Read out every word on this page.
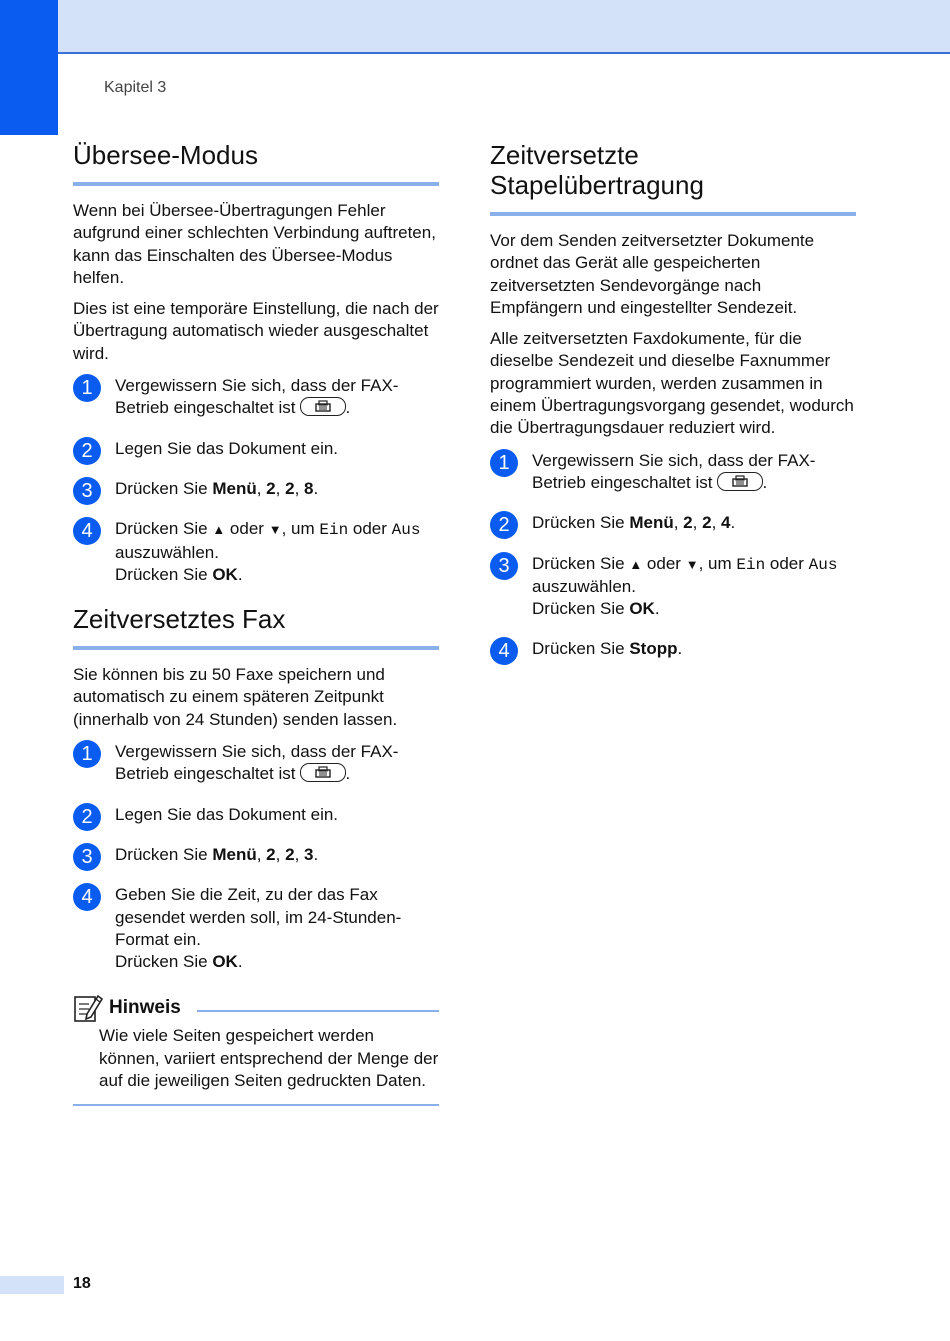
Kapitel 3
Übersee-Modus

Wenn bei Übersee-Übertragungen Fehler aufgrund einer schlechten Verbindung auftreten, kann das Einschalten des Übersee-Modus helfen.

Dies ist eine temporäre Einstellung, die nach der Übertragung automatisch wieder ausgeschaltet wird.

1	Vergewissern Sie sich, dass der FAX-Betrieb eingeschaltet ist	.
2	Legen Sie das Dokument ein.
3	Drücken Sie Menü, 2, 2, 8.
4	Drücken Sie ▲ oder ▼, um Ein oder Aus auszuwählen.
Drücken Sie OK.
Zeitversetztes Fax

Sie können bis zu 50 Faxe speichern und automatisch zu einem späteren Zeitpunkt (innerhalb von 24 Stunden) senden lassen.

1	Vergewissern Sie sich, dass der FAX-Betrieb eingeschaltet ist	.
2	Legen Sie das Dokument ein.
3	Drücken Sie Menü, 2, 2, 3.
4	Geben Sie die Zeit, zu der das Fax gesendet werden soll, im 24-Stunden-Format ein.
Drücken Sie OK.
Hinweis
Wie viele Seiten gespeichert werden können, variiert entsprechend der Menge der auf die jeweiligen Seiten gedruckten Daten.
Zeitversetzte Stapelübertragung

Vor dem Senden zeitversetzter Dokumente ordnet das Gerät alle gespeicherten zeitversetzten Sendevorgänge nach Empfängern und eingestellter Sendezeit.

Alle zeitversetzten Faxdokumente, für die dieselbe Sendezeit und dieselbe Faxnummer programmiert wurden, werden zusammen in einem Übertragungsvorgang gesendet, wodurch die Übertragungsdauer reduziert wird.

1	Vergewissern Sie sich, dass der FAX-Betrieb eingeschaltet ist	.
2	Drücken Sie Menü, 2, 2, 4.
3	Drücken Sie ▲ oder ▼, um Ein oder Aus auszuwählen.
Drücken Sie OK.
4	Drücken Sie Stopp.
18
